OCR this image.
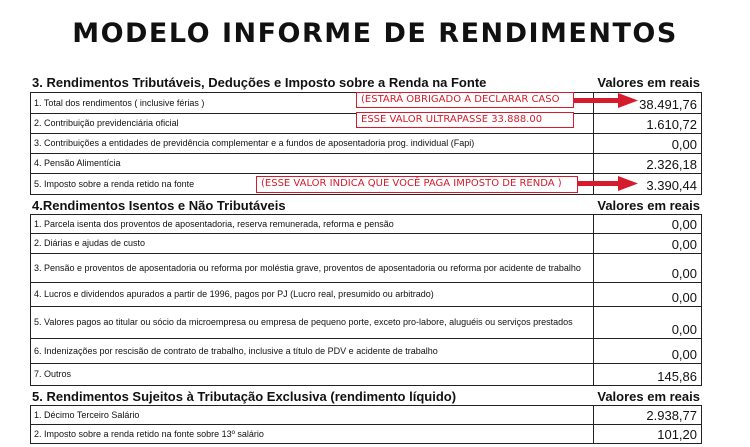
MODELO INFORME DE RENDIMENTOS
3. Rendimentos Tributáveis, Deduções e Imposto sobre a Renda na Fonte	Valores em reais
1. Total dos rendimentos ( inclusive férias )	38.491,76
2. Contribuição previdenciária oficial	1.610,72
3. Contribuições a entidades de previdência complementar e a fundos de aposentadoria prog. individual (Fapi)	0,00
4. Pensão Alimentícia	2.326,18
5. Imposto sobre a renda retido na fonte	3.390,44
4.Rendimentos Isentos e Não Tributáveis	Valores em reais
1. Parcela isenta dos proventos de aposentadoria, reserva remunerada, reforma e pensão	0,00
2. Diárias e ajudas de custo	0,00
3. Pensão e proventos de aposentadoria ou reforma por moléstia grave, proventos de aposentadoria ou reforma por acidente de trabalho	0,00
4. Lucros e dividendos apurados a partir de 1996, pagos por PJ (Lucro real, presumido ou arbitrado)	0,00
5. Valores pagos ao titular ou sócio da microempresa ou empresa de pequeno porte, exceto pro-labore, aluguéis ou serviços prestados	0,00
6. Indenizações por rescisão de contrato de trabalho, inclusive a título de PDV e acidente de trabalho	0,00
7. Outros	145,86
5. Rendimentos Sujeitos à Tributação Exclusiva (rendimento líquido)	Valores em reais
1. Décimo Terceiro Salário	2.938,77
2. Imposto sobre a renda retido na fonte sobre 13º salário	101,20
(ESTARÁ OBRIGADO A DECLARAR CASO
ESSE VALOR ULTRAPASSE 33.888.00
(ESSE VALOR INDICA QUE VOCÊ PAGA IMPOSTO DE RENDA )
